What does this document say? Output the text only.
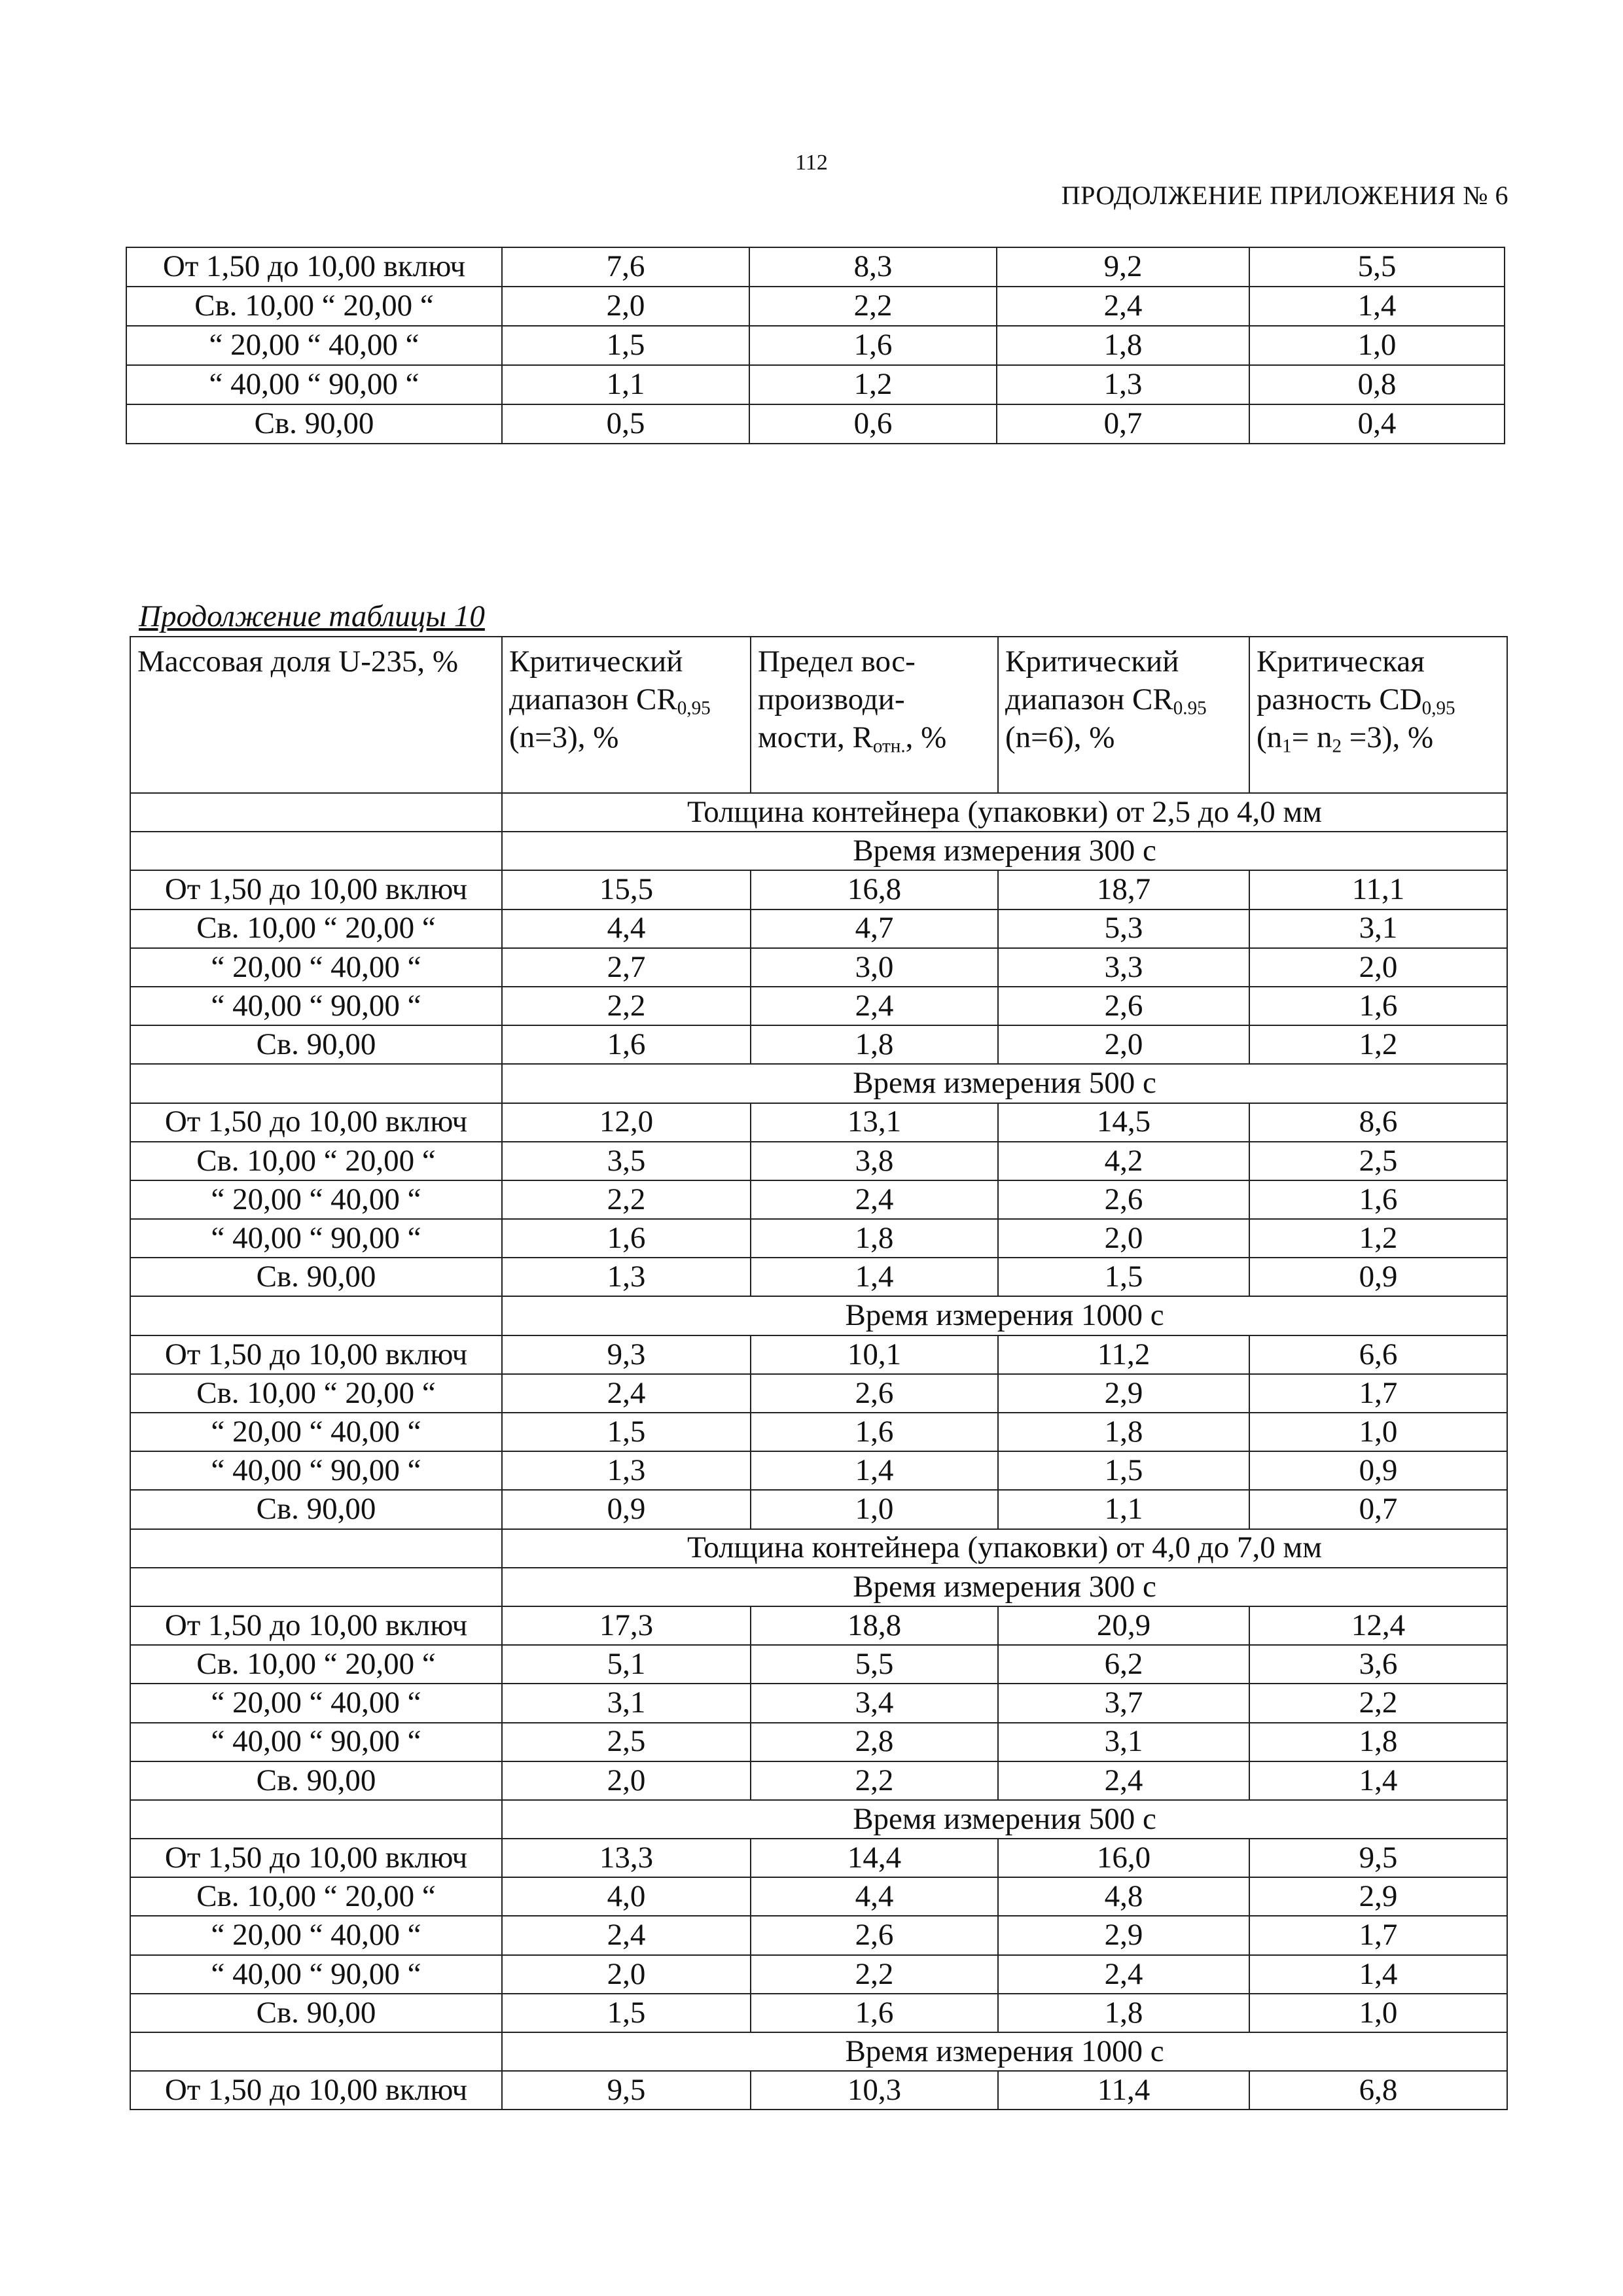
112
ПРОДОЛЖЕНИЕ ПРИЛОЖЕНИЯ № 6
От 1,50 до 10,00 включ	7,6	8,3	9,2	5,5
Св. 10,00 “ 20,00 “	2,0	2,2	2,4	1,4
“ 20,00 “ 40,00 “	1,5	1,6	1,8	1,0
“ 40,00 “ 90,00 “	1,1	1,2	1,3	0,8
Св. 90,00	0,5	0,6	0,7	0,4
Продолжение таблицы 10
Массовая доля U-235, %	Критический диапазон $CR_{0,95}$ (n=3), %	Предел вос-производи-мости, $R_{отн.}$, %	Критический диапазон $CR_{0.95}$ (n=6), %	Критическая разность $CD_{0,95}$ $(n_1= n_2 =3)$, %
	Толщина контейнера (упаковки) от 2,5 до 4,0 мм			
	Время измерения 300 с			
От 1,50 до 10,00 включ	15,5	16,8	18,7	11,1
Св. 10,00 “ 20,00 “	4,4	4,7	5,3	3,1
“ 20,00 “ 40,00 “	2,7	3,0	3,3	2,0
“ 40,00 “ 90,00 “	2,2	2,4	2,6	1,6
Св. 90,00	1,6	1,8	2,0	1,2
	Время измерения 500 с			
От 1,50 до 10,00 включ	12,0	13,1	14,5	8,6
Св. 10,00 “ 20,00 “	3,5	3,8	4,2	2,5
“ 20,00 “ 40,00 “	2,2	2,4	2,6	1,6
“ 40,00 “ 90,00 “	1,6	1,8	2,0	1,2
Св. 90,00	1,3	1,4	1,5	0,9
	Время измерения 1000 с			
От 1,50 до 10,00 включ	9,3	10,1	11,2	6,6
Св. 10,00 “ 20,00 “	2,4	2,6	2,9	1,7
“ 20,00 “ 40,00 “	1,5	1,6	1,8	1,0
“ 40,00 “ 90,00 “	1,3	1,4	1,5	0,9
Св. 90,00	0,9	1,0	1,1	0,7
	Толщина контейнера (упаковки) от 4,0 до 7,0 мм			
	Время измерения 300 с			
От 1,50 до 10,00 включ	17,3	18,8	20,9	12,4
Св. 10,00 “ 20,00 “	5,1	5,5	6,2	3,6
“ 20,00 “ 40,00 “	3,1	3,4	3,7	2,2
“ 40,00 “ 90,00 “	2,5	2,8	3,1	1,8
Св. 90,00	2,0	2,2	2,4	1,4
	Время измерения 500 с			
От 1,50 до 10,00 включ	13,3	14,4	16,0	9,5
Св. 10,00 “ 20,00 “	4,0	4,4	4,8	2,9
“ 20,00 “ 40,00 “	2,4	2,6	2,9	1,7
“ 40,00 “ 90,00 “	2,0	2,2	2,4	1,4
Св. 90,00	1,5	1,6	1,8	1,0
	Время измерения 1000 с			
От 1,50 до 10,00 включ	9,5	10,3	11,4	6,8
